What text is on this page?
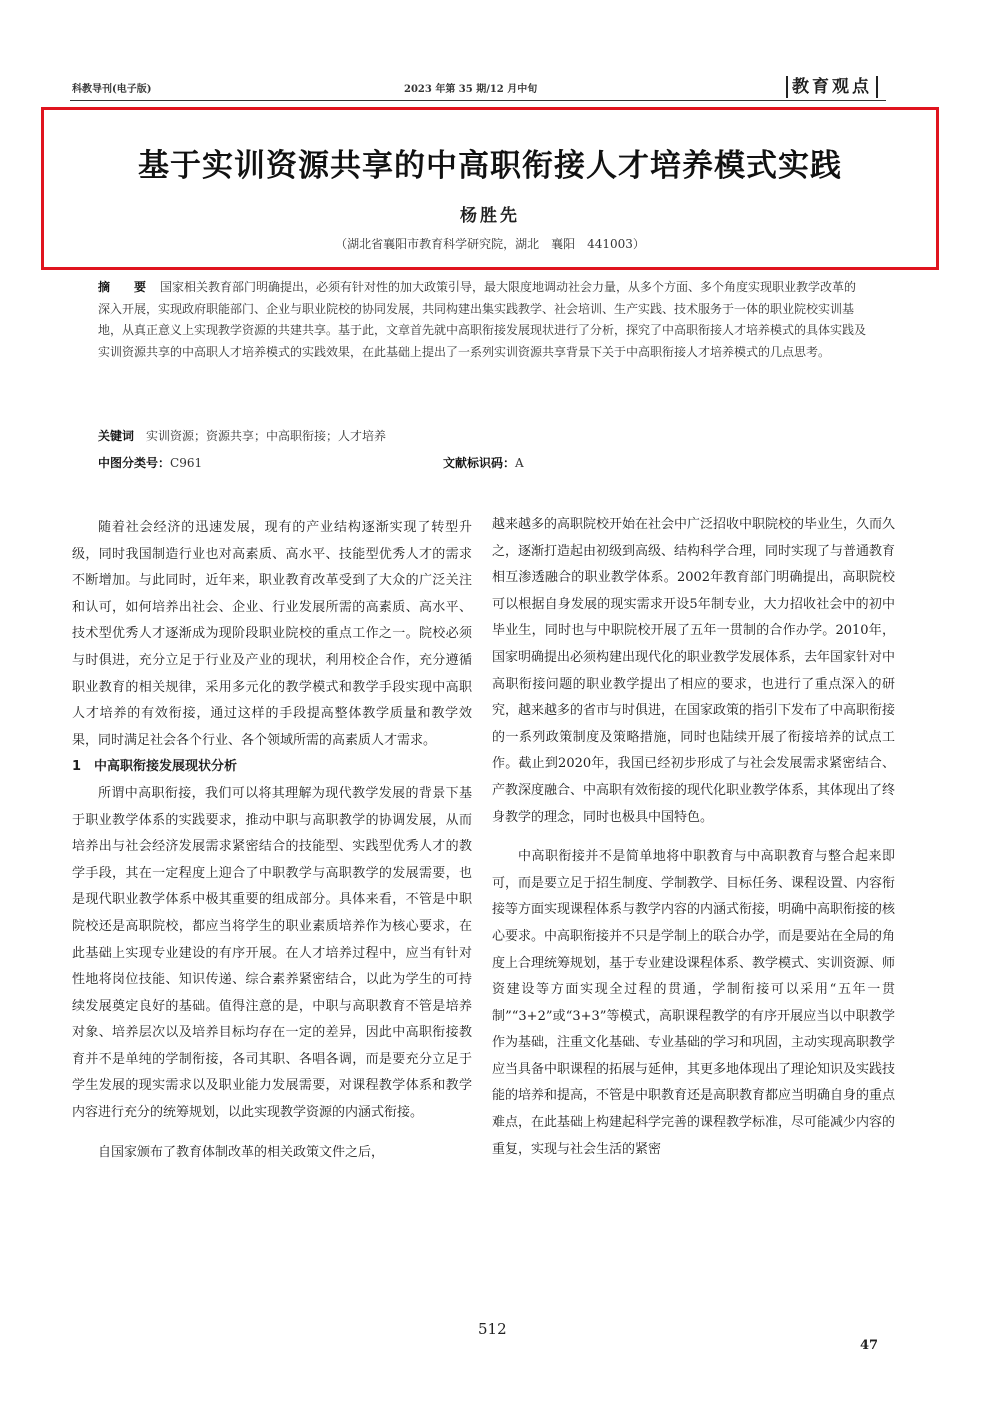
科教导刊(电子版)	2023 年第 35 期/12 月中旬	教育观点
基于实训资源共享的中高职衔接人才培养模式实践
杨胜先
（湖北省襄阳市教育科学研究院，湖北　襄阳　441003）
摘　要 国家相关教育部门明确提出，必须有针对性的加大政策引导，最大限度地调动社会力量，从多个方面、多个角度实现职业教学改革的深入开展，实现政府职能部门、企业与职业院校的协同发展，共同构建出集实践教学、社会培训、生产实践、技术服务于一体的职业院校实训基地，从真正意义上实现教学资源的共建共享。基于此，文章首先就中高职衔接发展现状进行了分析，探究了中高职衔接人才培养模式的具体实践及实训资源共享的中高职人才培养模式的实践效果，在此基础上提出了一系列实训资源共享背景下关于中高职衔接人才培养模式的几点思考。
关键词 实训资源；资源共享；中高职衔接；人才培养
中图分类号：C961	文献标识码：A

随着社会经济的迅速发展，现有的产业结构逐渐实现了转型升级，同时我国制造行业也对高素质、高水平、技能型优秀人才的需求不断增加。与此同时，近年来，职业教育改革受到了大众的广泛关注和认可，如何培养出社会、企业、行业发展所需的高素质、高水平、技术型优秀人才逐渐成为现阶段职业院校的重点工作之一。院校必须与时俱进，充分立足于行业及产业的现状，利用校企合作，充分遵循职业教育的相关规律，采用多元化的教学模式和教学手段实现中高职人才培养的有效衔接，通过这样的手段提高整体教学质量和教学效果，同时满足社会各个行业、各个领域所需的高素质人才需求。

1　中高职衔接发展现状分析

所谓中高职衔接，我们可以将其理解为现代教学发展的背景下基于职业教学体系的实践要求，推动中职与高职教学的协调发展，从而培养出与社会经济发展需求紧密结合的技能型、实践型优秀人才的教学手段，其在一定程度上迎合了中职教学与高职教学的发展需要，也是现代职业教学体系中极其重要的组成部分。具体来看，不管是中职院校还是高职院校，都应当将学生的职业素质培养作为核心要求，在此基础上实现专业建设的有序开展。在人才培养过程中，应当有针对性地将岗位技能、知识传递、综合素养紧密结合，以此为学生的可持续发展奠定良好的基础。值得注意的是，中职与高职教育不管是培养对象、培养层次以及培养目标均存在一定的差异，因此中高职衔接教育并不是单纯的学制衔接，各司其职、各唱各调，而是要充分立足于学生发展的现实需求以及职业能力发展需要，对课程教学体系和教学内容进行充分的统筹规划，以此实现教学资源的内涵式衔接。

自国家颁布了教育体制改革的相关政策文件之后，

越来越多的高职院校开始在社会中广泛招收中职院校的毕业生，久而久之，逐渐打造起由初级到高级、结构科学合理，同时实现了与普通教育相互渗透融合的职业教学体系。2002年教育部门明确提出，高职院校可以根据自身发展的现实需求开设5年制专业，大力招收社会中的初中毕业生，同时也与中职院校开展了五年一贯制的合作办学。2010年，国家明确提出必须构建出现代化的职业教学发展体系，去年国家针对中高职衔接问题的职业教学提出了相应的要求，也进行了重点深入的研究，越来越多的省市与时俱进，在国家政策的指引下发布了中高职衔接的一系列政策制度及策略措施，同时也陆续开展了衔接培养的试点工作。截止到2020年，我国已经初步形成了与社会发展需求紧密结合、产教深度融合、中高职有效衔接的现代化职业教学体系，其体现出了终身教学的理念，同时也极具中国特色。

中高职衔接并不是简单地将中职教育与中高职教育与整合起来即可，而是要立足于招生制度、学制教学、目标任务、课程设置、内容衔接等方面实现课程体系与教学内容的内涵式衔接，明确中高职衔接的核心要求。中高职衔接并不只是学制上的联合办学，而是要站在全局的角度上合理统筹规划，基于专业建设课程体系、教学模式、实训资源、师资建设等方面实现全过程的贯通，学制衔接可以采用“五年一贯制”“3+2”或“3+3”等模式，高职课程教学的有序开展应当以中职教学作为基础，注重文化基础、专业基础的学习和巩固，主动实现高职教学应当具备中职课程的拓展与延伸，其更多地体现出了理论知识及实践技能的培养和提高，不管是中职教育还是高职教育都应当明确自身的重点难点，在此基础上构建起科学完善的课程教学标准，尽可能减少内容的重复，实现与社会生活的紧密

512
47
